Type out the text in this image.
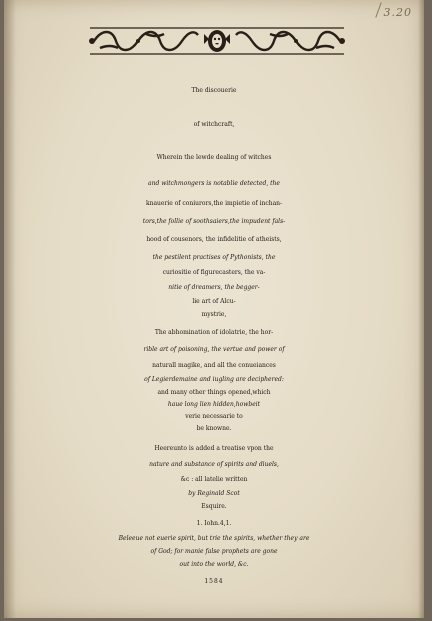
3.20
The discouerie
of witchcraft,
Wherein the lewde dealing of witches
and witchmongers is notablie detected, the
knauerie of coniurors,the impietie of inchan-
tors,the follie of soothsaiers,the impudent fals-
hood of cousenors, the infidelitie of atheists,
the pestilent practises of Pythonists, the
curiositie of figurecasters, the va-
nitie of dreamers, the begger-
lie art of Alcu-
mystrie,
The abhomination of idolatrie, the hor-
rible art of poisoning, the vertue and power of
naturall magike, and all the conueiances
of Legierdemaine and iugling are deciphered:
and many other things opened,which
haue long lien hidden,howbeit
verie necessarie to
be knowne.
Heereunto is added a treatise vpon the
nature and substance of spirits and diuels,
&c : all latelie written
by Reginald Scot
Esquire.
1. Iohn.4,1.
Beleeue not euerie spirit, but trie the spirits, whether they are
of God; for manie false prophets are gone
out into the world, &c.
1584
